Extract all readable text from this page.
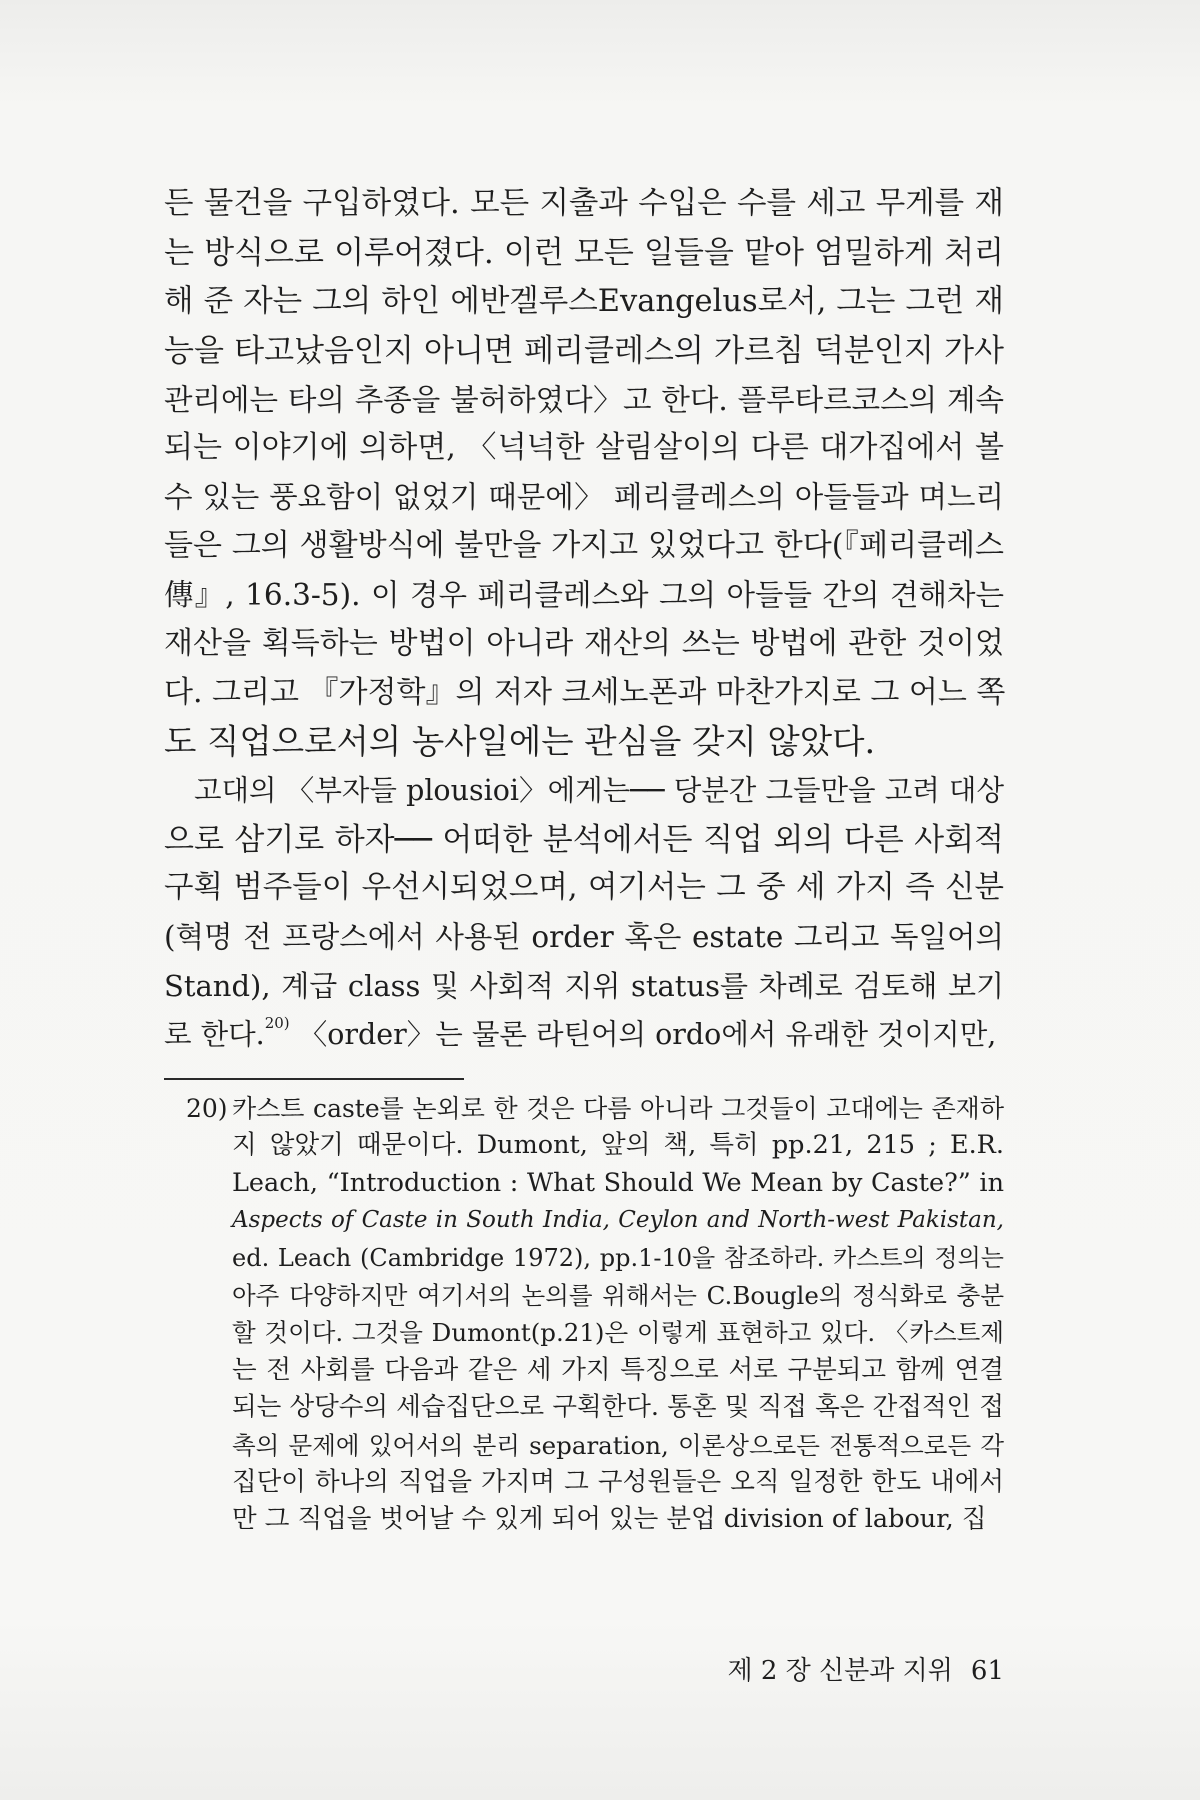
든 물건을 구입하였다. 모든 지출과 수입은 수를 세고 무게를 재
는 방식으로 이루어졌다. 이런 모든 일들을 맡아 엄밀하게 처리
해 준 자는 그의 하인 에반겔루스Evangelus로서, 그는 그런 재
능을 타고났음인지 아니면 페리클레스의 가르침 덕분인지 가사
관리에는 타의 추종을 불허하였다〉고 한다. 플루타르코스의 계속
되는 이야기에 의하면, 〈넉넉한 살림살이의 다른 대가집에서 볼
수 있는 풍요함이 없었기 때문에〉 페리클레스의 아들들과 며느리
들은 그의 생활방식에 불만을 가지고 있었다고 한다(『페리클레스
傳』, 16.3-5). 이 경우 페리클레스와 그의 아들들 간의 견해차는
재산을 획득하는 방법이 아니라 재산의 쓰는 방법에 관한 것이었
다. 그리고 『가정학』의 저자 크세노폰과 마찬가지로 그 어느 쪽
도 직업으로서의 농사일에는 관심을 갖지 않았다.
고대의 〈부자들 plousioi〉에게는── 당분간 그들만을 고려 대상
으로 삼기로 하자── 어떠한 분석에서든 직업 외의 다른 사회적
구획 범주들이 우선시되었으며, 여기서는 그 중 세 가지 즉 신분
(혁명 전 프랑스에서 사용된 order 혹은 estate 그리고 독일어의
Stand), 계급 class 및 사회적 지위 status를 차례로 검토해 보기
로 한다.$^{20)}$ 〈order〉는 물론 라틴어의 ordo에서 유래한 것이지만,
20) 카스트 caste를 논외로 한 것은 다름 아니라 그것들이 고대에는 존재하
지 않았기 때문이다. Dumont, 앞의 책, 특히 pp.21, 215 ; E.R.
Leach, “Introduction : What Should We Mean by Caste?” in
Aspects of Caste in South India, Ceylon and North-west Pakistan,
ed. Leach (Cambridge 1972), pp.1-10을 참조하라. 카스트의 정의는
아주 다양하지만 여기서의 논의를 위해서는 C.Bougle의 정식화로 충분
할 것이다. 그것을 Dumont(p.21)은 이렇게 표현하고 있다. 〈카스트제
는 전 사회를 다음과 같은 세 가지 특징으로 서로 구분되고 함께 연결
되는 상당수의 세습집단으로 구획한다. 통혼 및 직접 혹은 간접적인 접
촉의 문제에 있어서의 분리 separation, 이론상으로든 전통적으로든 각
집단이 하나의 직업을 가지며 그 구성원들은 오직 일정한 한도 내에서
만 그 직업을 벗어날 수 있게 되어 있는 분업 division of labour, 집
제 2 장 신분과 지위 61
